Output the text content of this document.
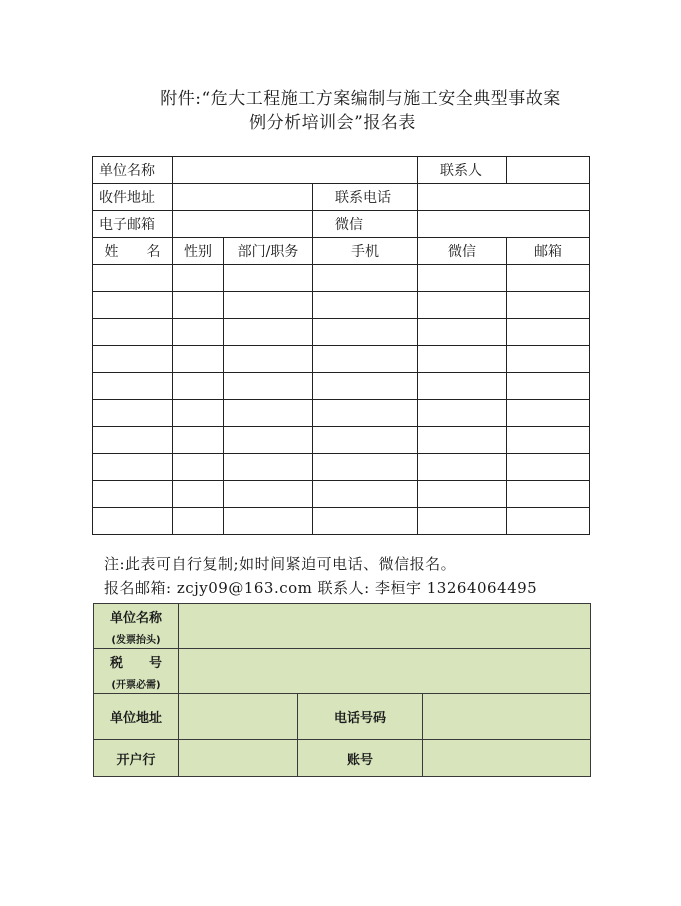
附件:“危大工程施工方案编制与施工安全典型事故案
例分析培训会”报名表
单位名称				联系人	
收件地址			联系电话		
电子邮箱			微信		
姓　　名	性别	部门/职务	手机	微信	邮箱

注:此表可自行复制;如时间紧迫可电话、微信报名。
报名邮箱: zcjy09@163.com 联系人: 李桓宇 13264064495
单位名称
(发票抬头)			

税　　号
(开票必需)			

单位地址		电话号码	
开户行		账号	
